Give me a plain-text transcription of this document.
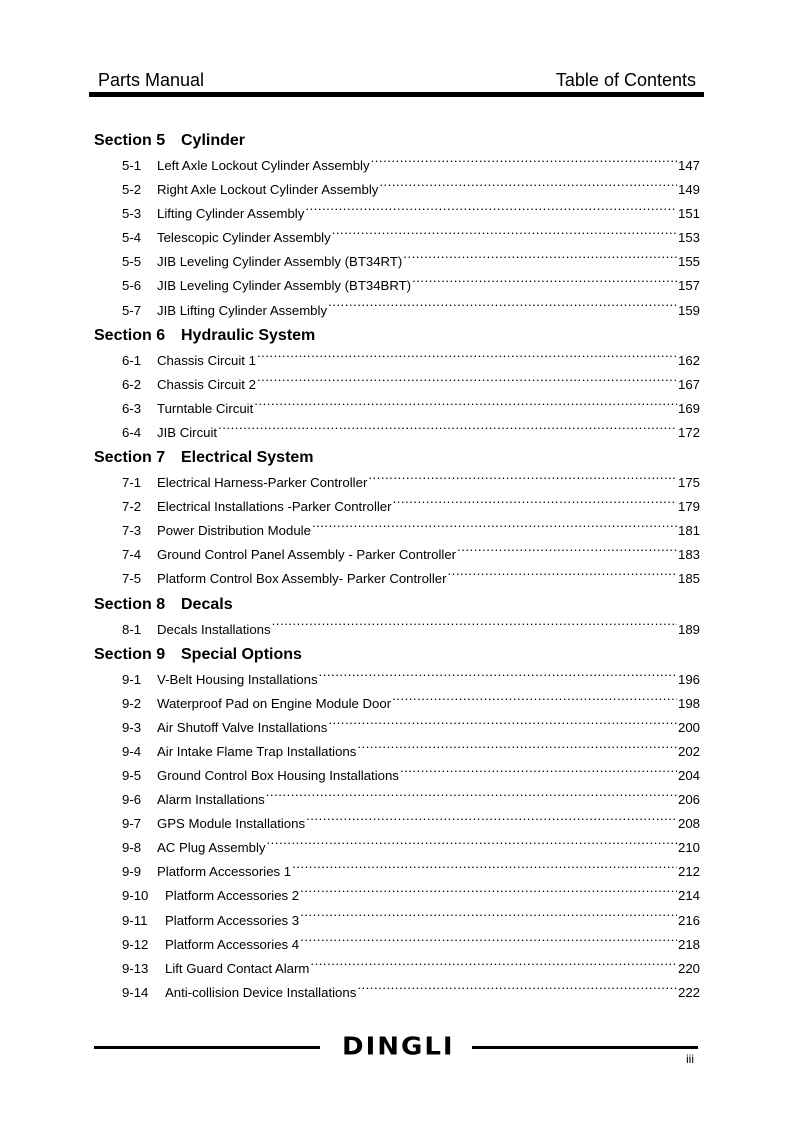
Parts Manual	Table of Contents
Section 5 Cylinder
5-1	Left Axle Lockout Cylinder Assembly .....	147
5-2	Right Axle Lockout Cylinder Assembly .....	149
5-3	Lifting Cylinder Assembly .....	151
5-4	Telescopic Cylinder Assembly .....	153
5-5	JIB Leveling Cylinder Assembly (BT34RT) .....	155
5-6	JIB Leveling Cylinder Assembly (BT34BRT) .....	157
5-7	JIB Lifting Cylinder Assembly .....	159
Section 6 Hydraulic System
6-1	Chassis Circuit 1 .....	162
6-2	Chassis Circuit 2 .....	167
6-3	Turntable Circuit .....	169
6-4	JIB Circuit .....	172
Section 7 Electrical System
7-1	Electrical Harness-Parker Controller .....	175
7-2	Electrical Installations -Parker Controller .....	179
7-3	Power Distribution Module .....	181
7-4	Ground Control Panel Assembly - Parker Controller .....	183
7-5	Platform Control Box Assembly- Parker Controller .....	185
Section 8 Decals
8-1	Decals Installations .....	189
Section 9 Special Options
9-1	V-Belt Housing Installations .....	196
9-2	Waterproof Pad on Engine Module Door .....	198
9-3	Air Shutoff Valve Installations .....	200
9-4	Air Intake Flame Trap Installations .....	202
9-5	Ground Control Box Housing Installations .....	204
9-6	Alarm Installations .....	206
9-7	GPS Module Installations .....	208
9-8	AC Plug Assembly .....	210
9-9	Platform Accessories 1 .....	212
9-10	Platform Accessories 2 .....	214
9-11	Platform Accessories 3 .....	216
9-12	Platform Accessories 4 .....	218
9-13	Lift Guard Contact Alarm .....	220
9-14	Anti-collision Device Installations .....	222
DINGLI	iii
